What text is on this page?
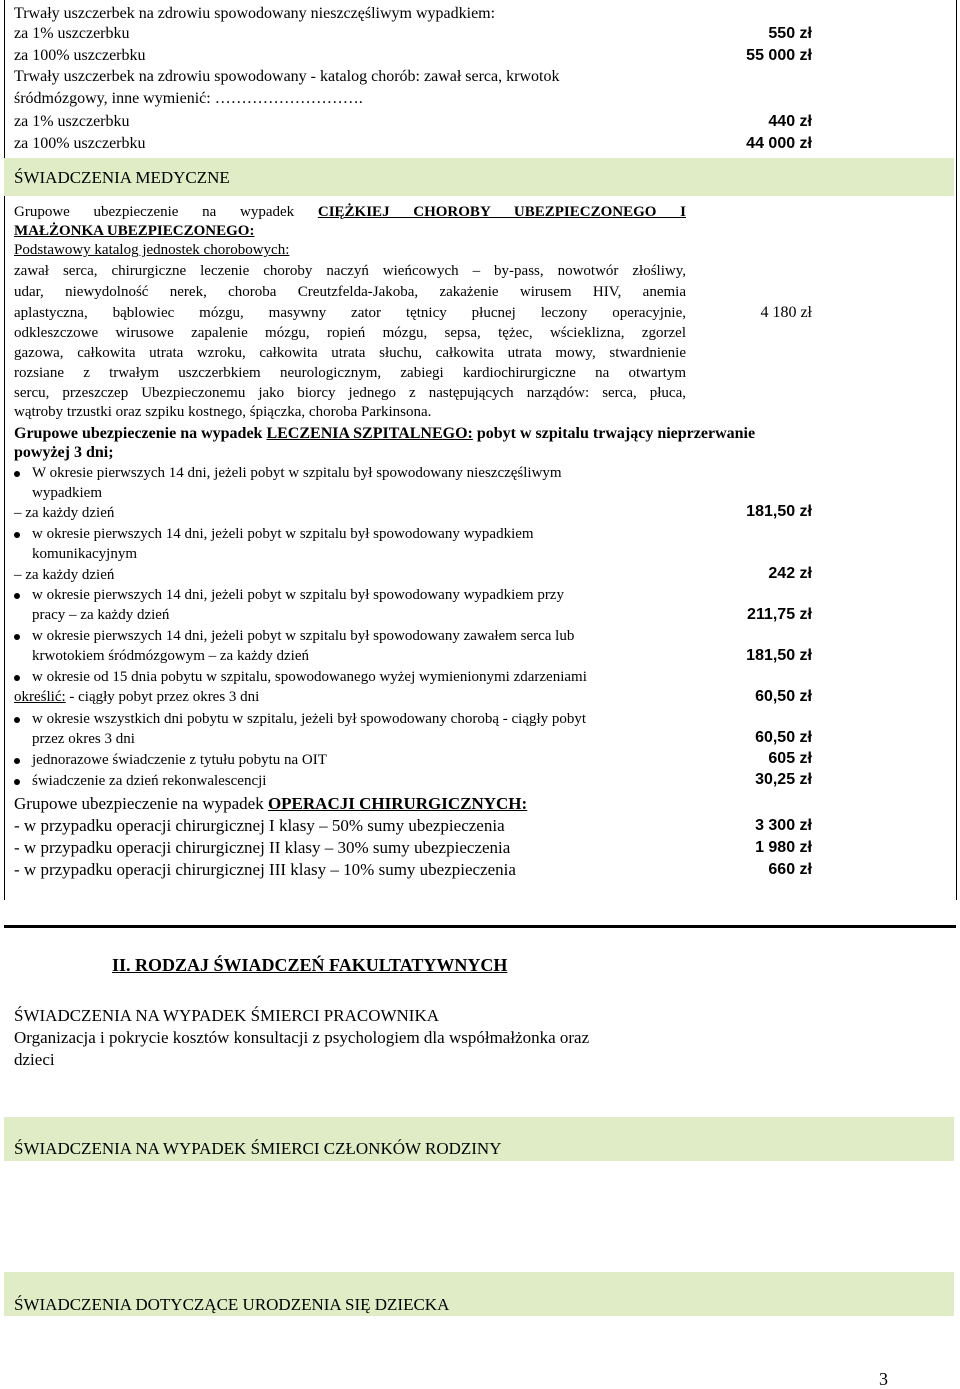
Trwały uszczerbek na zdrowiu spowodowany nieszczęśliwym wypadkiem:
za 1% uszczerbku	550 zł
za 100% uszczerbku	55 000 zł
Trwały uszczerbek na zdrowiu spowodowany - katalog chorób: zawał serca, krwotok
śródmózgowy, inne wymienić: ……………………….
za 1% uszczerbku	440 zł
za 100% uszczerbku	44 000 zł
ŚWIADCZENIA MEDYCZNE
Grupowe ubezpieczenie na wypadek CIĘŻKIEJ CHOROBY UBEZPIECZONEGO I
MAŁŻONKA UBEZPIECZONEGO:
Podstawowy katalog jednostek chorobowych:
zawał serca, chirurgiczne leczenie choroby naczyń wieńcowych – by-pass, nowotwór złośliwy,
udar, niewydolność nerek, choroba Creutzfelda-Jakoba, zakażenie wirusem HIV, anemia
aplastyczna, bąblowiec mózgu, masywny zator tętnicy płucnej leczony operacyjnie,	4 180 zł
odkleszczowe wirusowe zapalenie mózgu, ropień mózgu, sepsa, tężec, wścieklizna, zgorzel
gazowa, całkowita utrata wzroku, całkowita utrata słuchu, całkowita utrata mowy, stwardnienie
rozsiane z trwałym uszczerbkiem neurologicznym, zabiegi kardiochirurgiczne na otwartym
sercu, przeszczep Ubezpieczonemu jako biorcy jednego z następujących narządów: serca, płuca,
wątroby trzustki oraz szpiku kostnego, śpiączka, choroba Parkinsona.
Grupowe ubezpieczenie na wypadek LECZENIA SZPITALNEGO: pobyt w szpitalu trwający nieprzerwanie
powyżej 3 dni;
W okresie pierwszych 14 dni, jeżeli pobyt w szpitalu był spowodowany nieszczęśliwym
wypadkiem
– za każdy dzień	181,50 zł
w okresie pierwszych 14 dni, jeżeli pobyt w szpitalu był spowodowany wypadkiem
komunikacyjnym
– za każdy dzień	242 zł
w okresie pierwszych 14 dni, jeżeli pobyt w szpitalu był spowodowany wypadkiem przy
pracy – za każdy dzień	211,75 zł
w okresie pierwszych 14 dni, jeżeli pobyt w szpitalu był spowodowany zawałem serca lub
krwotokiem śródmózgowym – za każdy dzień	181,50 zł
w okresie od 15 dnia pobytu w szpitalu, spowodowanego wyżej wymienionymi zdarzeniami
określić: - ciągły pobyt przez okres 3 dni	60,50 zł
w okresie wszystkich dni pobytu w szpitalu, jeżeli był spowodowany chorobą - ciągły pobyt
przez okres 3 dni	60,50 zł
jednorazowe świadczenie z tytułu pobytu na OIT	605 zł
świadczenie za dzień rekonwalescencji	30,25 zł
Grupowe ubezpieczenie na wypadek OPERACJI CHIRURGICZNYCH:
- w przypadku operacji chirurgicznej I klasy – 50% sumy ubezpieczenia	3 300 zł
- w przypadku operacji chirurgicznej II klasy – 30% sumy ubezpieczenia	1 980 zł
- w przypadku operacji chirurgicznej III klasy – 10% sumy ubezpieczenia	660 zł
II. RODZAJ ŚWIADCZEŃ FAKULTATYWNYCH
ŚWIADCZENIA NA WYPADEK ŚMIERCI PRACOWNIKA
Organizacja i pokrycie kosztów konsultacji z psychologiem dla współmałżonka oraz
dzieci
ŚWIADCZENIA NA WYPADEK ŚMIERCI CZŁONKÓW RODZINY
ŚWIADCZENIA DOTYCZĄCE URODZENIA SIĘ DZIECKA
3
